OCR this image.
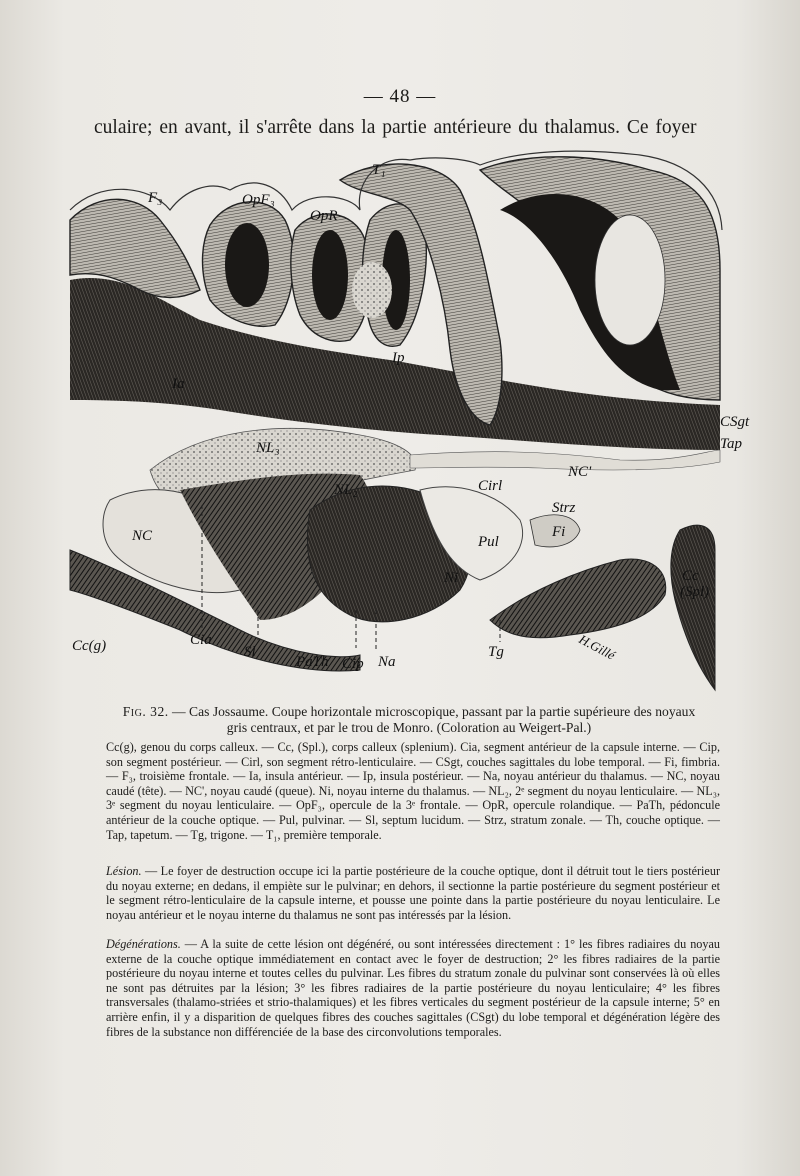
— 48 —
culaire; en avant, il s'arrête dans la partie antérieure du thalamus. Ce foyer
T₁
F₃	OpF₃
OpR
Ip
Ia
NL₃
NL₂
NC
NC'
Cirl
Strz
Fi
Pul
Ni
CSgt
Tap
Cc
(Spl)
Cc(g)	Cia
Sl
PaTh Cip Na
Tg	H.Gillé
Fig. 32. — Cas Jossaume. Coupe horizontale microscopique, passant par la partie supérieure des noyaux gris centraux, et par le trou de Monro. (Coloration au Weigert-Pal.)
Cc(g), genou du corps calleux. — Cc, (Spl.), corps calleux (splenium). Cia, segment antérieur de la capsule interne. — Cip, son segment postérieur. — Cirl, son segment rétro-lenticulaire. — CSgt, couches sagittales du lobe temporal. — Fi, fimbria. — F₃, troisième frontale. — Ia, insula antérieur. — Ip, insula postérieur. — Na, noyau antérieur du thalamus. — NC, noyau caudé (tête). — NC', noyau caudé (queue). Ni, noyau interne du thalamus. — NL₂, 2ᵉ segment du noyau lenticulaire. — NL₃, 3ᵉ segment du noyau lenticulaire. — OpF₃, opercule de la 3ᵉ frontale. — OpR, opercule rolandique. — PaTh, pédoncule antérieur de la couche optique. — Pul, pulvinar. — Sl, septum lucidum. — Strz, stratum zonale. — Th, couche optique. — Tap, tapetum. — Tg, trigone. — T₁, première temporale.
Lésion. — Le foyer de destruction occupe ici la partie postérieure de la couche optique, dont il détruit tout le tiers postérieur du noyau externe; en dedans, il empiète sur le pulvinar; en dehors, il sectionne la partie postérieure du segment postérieur et le segment rétro-lenticulaire de la capsule interne, et pousse une pointe dans la partie postérieure du noyau lenticulaire. Le noyau antérieur et le noyau interne du thalamus ne sont pas intéressés par la lésion.
Dégénérations. — A la suite de cette lésion ont dégénéré, ou sont intéressées directement : 1° les fibres radiaires du noyau externe de la couche optique immédiatement en contact avec le foyer de destruction; 2° les fibres radiaires de la partie postérieure du noyau interne et toutes celles du pulvinar. Les fibres du stratum zonale du pulvinar sont conservées là où elles ne sont pas détruites par la lésion; 3° les fibres radiaires de la partie postérieure du noyau lenticulaire; 4° les fibres transversales (thalamo-striées et strio-thalamiques) et les fibres verticales du segment postérieur de la capsule interne; 5° en arrière enfin, il y a disparition de quelques fibres des couches sagittales (CSgt) du lobe temporal et dégénération légère des fibres de la substance non différenciée de la base des circonvolutions temporales.
